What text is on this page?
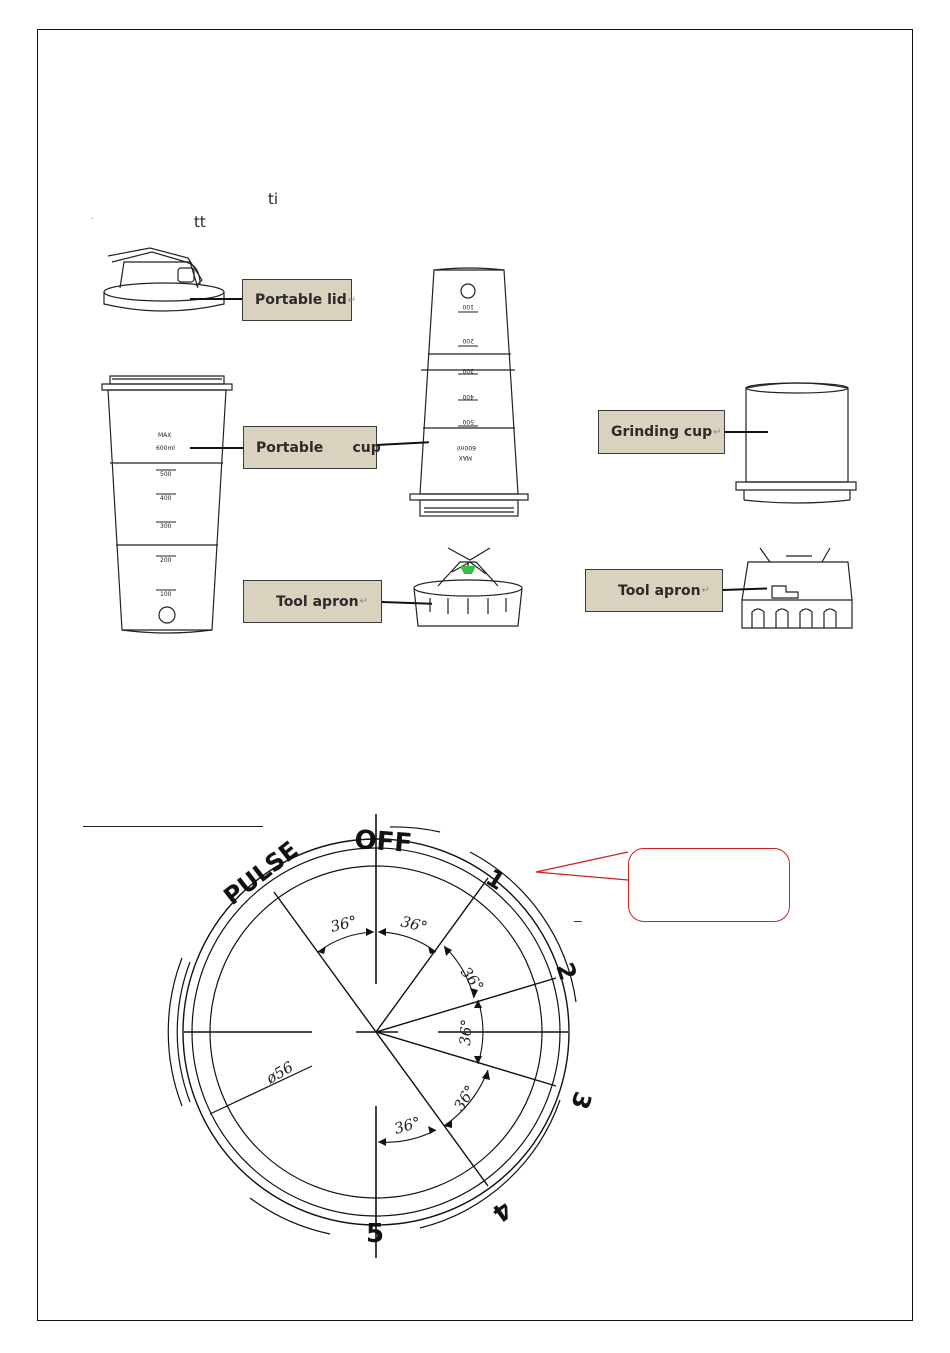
ti
tt
·
MAX
600ml
500
400
300
200
100
100
200
300
400
500
600ml
MAX
Portable lid ↵
Portable      cup
Grinding cup ↵
Tool apron ↵
Tool apron ↵
36°	36°
36°
36°
36°
36°
ø56
OFF
1
2
3
4
5
PULSE
–
